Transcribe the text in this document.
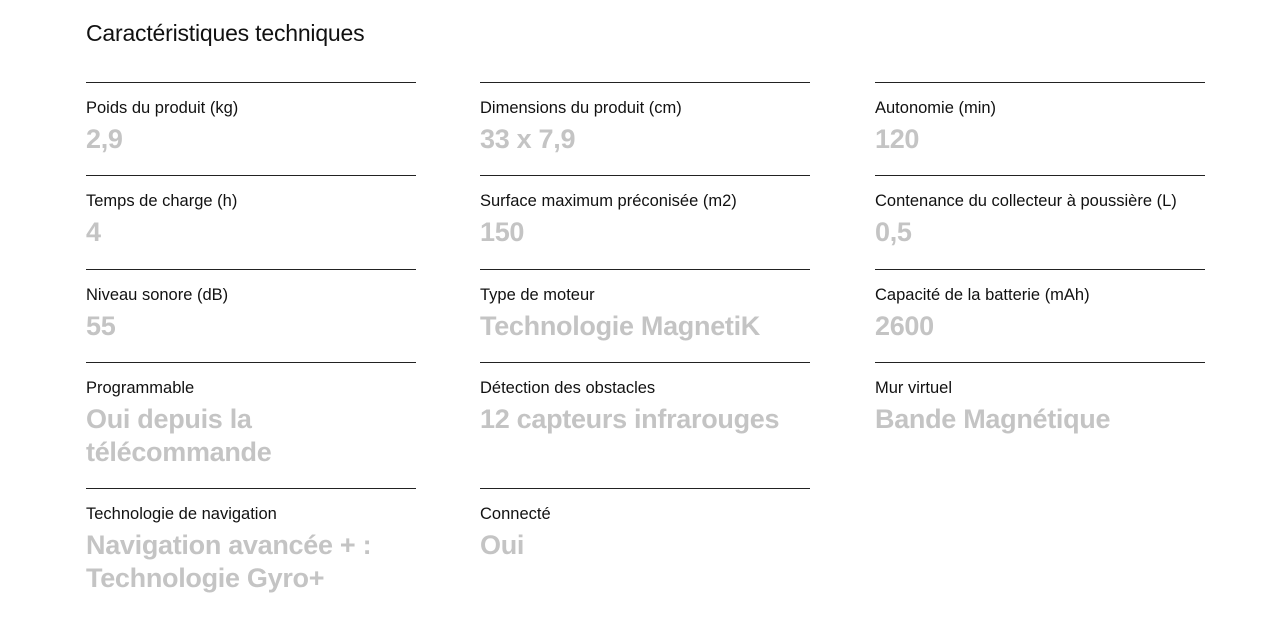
Caractéristiques techniques
Poids du produit (kg)
2,9
Dimensions du produit (cm)
33 x 7,9
Autonomie (min)
120
Temps de charge (h)
4
Surface maximum préconisée (m2)
150
Contenance du collecteur à poussière (L)
0,5
Niveau sonore (dB)
55
Type de moteur
Technologie MagnetiK
Capacité de la batterie (mAh)
2600
Programmable
Oui depuis la télécommande
Détection des obstacles
12 capteurs infrarouges
Mur virtuel
Bande Magnétique
Technologie de navigation
Navigation avancée + : Technologie Gyro+
Connecté
Oui
